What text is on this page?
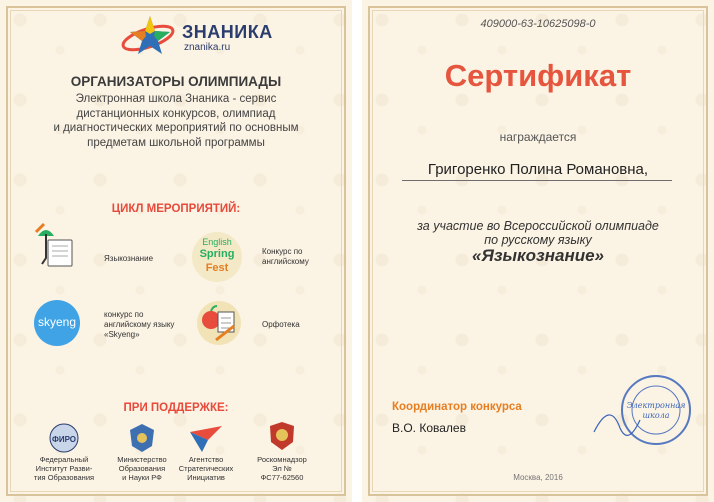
ЗНАНИКА
znanika.ru
ОРГАНИЗАТОРЫ ОЛИМПИАДЫ
Электронная школа Знаника - сервис
дистанционных конкурсов, олимпиад
и диагностических мероприятий по основным
предметам школьной программы
ЦИКЛ МЕРОПРИЯТИЙ:
Языкознание
English
Spring
Fest
Конкурс по
английскому
skyeng
конкурс по
английскому языку
«Skyeng»
Орфотека
ПРИ ПОДДЕРЖКЕ:
ФИРО
Федеральный
Институт Разви-
тия Образования
Министерство
Образования
и Науки РФ
Агентство
Стратегических
Инициатив
Роскомнадзор
Эл №
ФС77-62560
409000-63-10625098-0
Сертификат
награждается
Григоренко Полина Романовна,
за участие во Всероссийской олимпиаде
по русскому языку
«Языкознание»
Координатор конкурса
В.О. Ковалев
Электронная
школа
Москва, 2016
